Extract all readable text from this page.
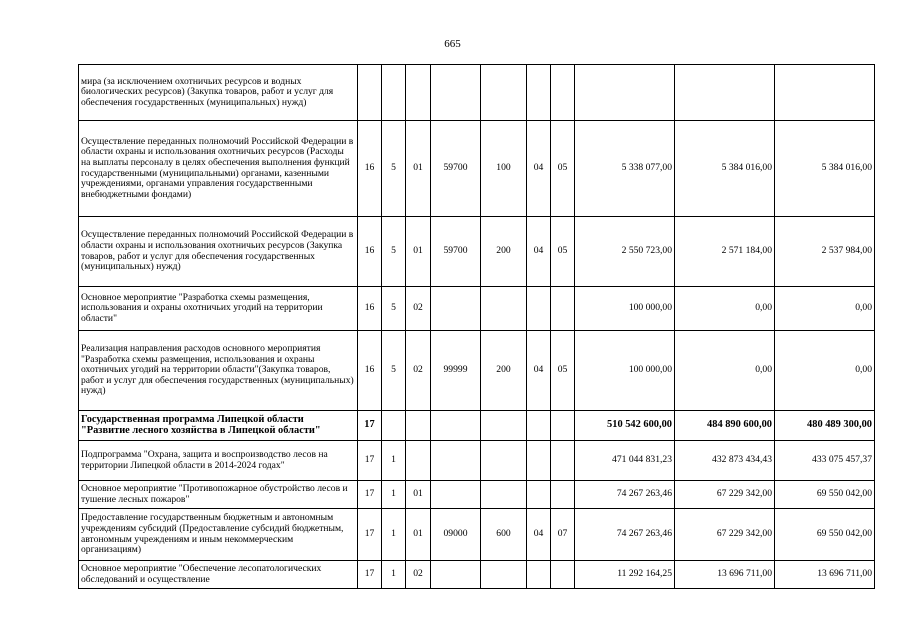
665
мира (за исключением охотничьих ресурсов и водных биологических ресурсов) (Закупка товаров, работ и услуг для обеспечения государственных (муниципальных) нужд)										
Осуществление переданных полномочий Российской Федерации в области охраны и использования охотничьих ресурсов (Расходы на выплаты персоналу в целях обеспечения выполнения функций государственными (муниципальными) органами, казенными учреждениями, органами управления государственными внебюджетными фондами)	16	5	01	59700	100	04	05	5 338 077,00	5 384 016,00	5 384 016,00
Осуществление переданных полномочий Российской Федерации в области охраны и использования охотничьих ресурсов (Закупка товаров, работ и услуг для обеспечения государственных (муниципальных) нужд)	16	5	01	59700	200	04	05	2 550 723,00	2 571 184,00	2 537 984,00
Основное мероприятие "Разработка схемы размещения, использования и охраны охотничьих угодий на территории области"	16	5	02					100 000,00	0,00	0,00
Реализация направления расходов основного мероприятия "Разработка схемы размещения, использования и охраны охотничьих угодий на территории области"(Закупка товаров, работ и услуг для обеспечения государственных (муниципальных) нужд)	16	5	02	99999	200	04	05	100 000,00	0,00	0,00
Государственная программа Липецкой области "Развитие лесного хозяйства в Липецкой области"	17							510 542 600,00	484 890 600,00	480 489 300,00
Подпрограмма "Охрана, защита и воспроизводство лесов на территории Липецкой области в 2014-2024 годах"	17	1						471 044 831,23	432 873 434,43	433 075 457,37
Основное мероприятие "Противопожарное обустройство лесов и тушение лесных пожаров"	17	1	01					74 267 263,46	67 229 342,00	69 550 042,00
Предоставление государственным бюджетным и автономным учреждениям субсидий (Предоставление субсидий бюджетным, автономным учреждениям и иным некоммерческим организациям)	17	1	01	09000	600	04	07	74 267 263,46	67 229 342,00	69 550 042,00
Основное мероприятие "Обеспечение лесопатологических обследований и осуществление	17	1	02					11 292 164,25	13 696 711,00	13 696 711,00
